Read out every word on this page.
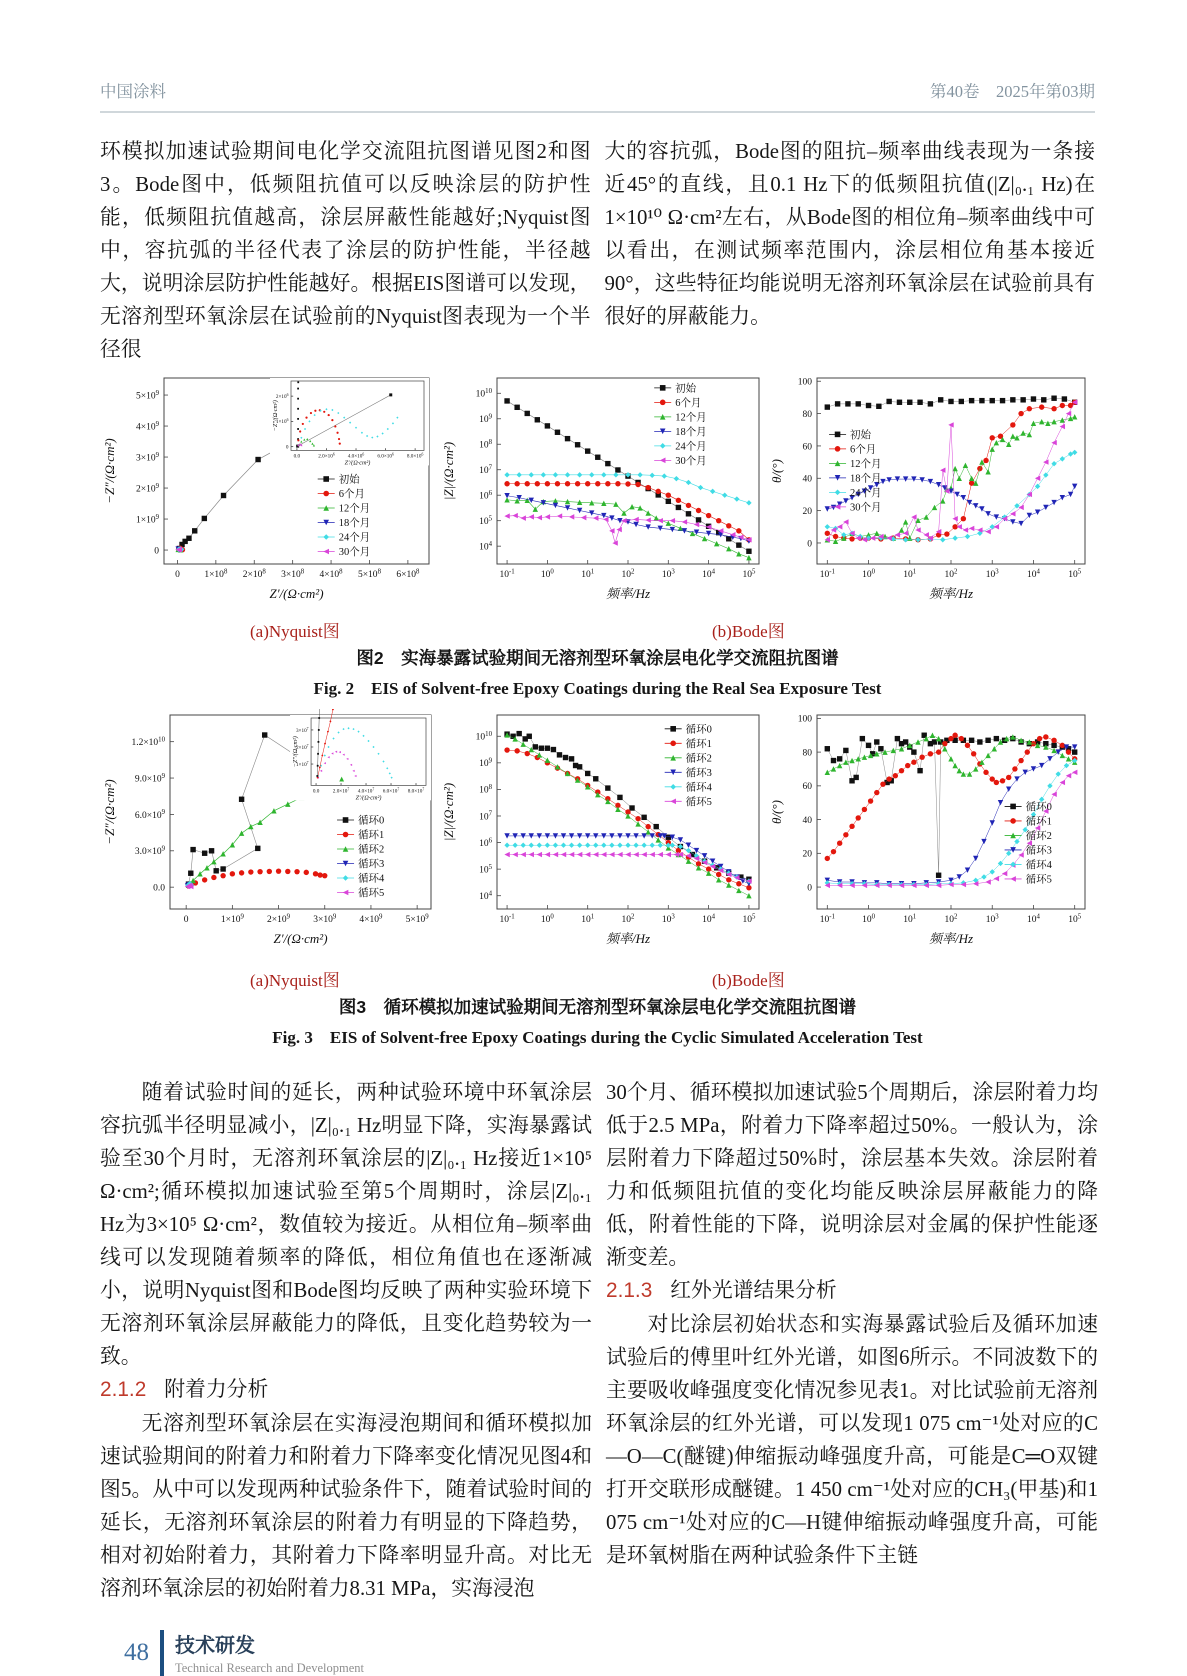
中国涂料	第40卷　2025年第03期

环模拟加速试验期间电化学交流阻抗图谱见图2和图3。Bode图中，低频阻抗值可以反映涂层的防护性能，低频阻抗值越高，涂层屏蔽性能越好;Nyquist图中，容抗弧的半径代表了涂层的防护性能，半径越大，说明涂层防护性能越好。根据EIS图谱可以发现，无溶剂型环氧涂层在试验前的Nyquist图表现为一个半径很

大的容抗弧，Bode图的阻抗–频率曲线表现为一条接近45°的直线，且0.1 Hz下的低频阻抗值(|Z|₀.₁ Hz)在1×10¹⁰ Ω·cm²左右，从Bode图的相位角–频率曲线中可以看出，在测试频率范围内，涂层相位角基本接近90°，这些特征均能说明无溶剂环氧涂层在试验前具有很好的屏蔽能力。

0	$1\times 10^8$ $2\times 10^8$ $3\times 10^8$ $4\times 10^8$ $5\times 10^8$ $6\times 10^8$
0
$1\times 10^9$
$2\times 10^9$
$3\times 10^9$
$4\times 10^9$
$5\times 10^9$
Z′/(Ω·cm²)
−Z″/(Ω·cm²)	初始
6个月
12个月
18个月
24个月
30个月
0.0	$2.0\times 10^6$	$4.0\times 10^6$	$6.0\times 10^6$	$8.0\times 10^6$
0
$1\times 10^6$
$2\times 10^6$
Z′/(Ω·cm²)
−Z″/(Ω·cm²)
$10^{-1}$	$10^0$	$10^1$	$10^2$	$10^3$	$10^4$	$10^5$
$10^4$
$10^5$
$10^6$
$10^7$
$10^8$
$10^9$
$10^{10}$
频率/Hz
|Z|/(Ω·cm²)
初始
6个月
12个月
18个月
24个月
30个月
$10^{-1}$	$10^0$	$10^1$	$10^2$	$10^3$	$10^4$	$10^5$
0
20
40
60
80
100
频率/Hz
θ/(°)
初始
6个月
12个月
18个月
24个月
30个月
(a)Nyquist图	(b)Bode图
图2　实海暴露试验期间无溶剂型环氧涂层电化学交流阻抗图谱
Fig. 2　EIS of Solvent-free Epoxy Coatings during the Real Sea Exposure Test
0	$1\times 10^9$ $2\times 10^9$ $3\times 10^9$ $4\times 10^9$ $5\times 10^9$
0.0
$3.0\times 10^9$
$6.0\times 10^9$
$9.0\times 10^9$
$1.2\times 10^{10}$
Z′/(Ω·cm²)
−Z″/(Ω·cm²)	循环0
循环1
循环2
循环3
循环4
循环5
0.0	$2.0\times 10^7$ $4.0\times 10^7$ $6.0\times 10^7$ $8.0\times 10^7$
$1\times 10^7$
$2\times 10^7$
$3\times 10^7$
Z′/(Ω·cm²)
−Z″/(Ω·cm²)
$10^{-1}$	$10^0$	$10^1$	$10^2$	$10^3$	$10^4$	$10^5$
$10^4$
$10^5$
$10^6$
$10^7$
$10^8$
$10^9$
$10^{10}$
频率/Hz
|Z|/(Ω·cm²)
循环0
循环1
循环2
循环3
循环4
循环5
$10^{-1}$	$10^0$	$10^1$	$10^2$	$10^3$	$10^4$	$10^5$
0
20
40
60
80
100
频率/Hz
θ/(°)	循环0
循环1
循环2
循环3
循环4
循环5
(a)Nyquist图	(b)Bode图
图3　循环模拟加速试验期间无溶剂型环氧涂层电化学交流阻抗图谱
Fig. 3　EIS of Solvent-free Epoxy Coatings during the Cyclic Simulated Acceleration Test

随着试验时间的延长，两种试验环境中环氧涂层容抗弧半径明显减小，|Z|₀.₁ Hz明显下降，实海暴露试验至30个月时，无溶剂环氧涂层的|Z|₀.₁ Hz接近1×10⁵ Ω·cm²;循环模拟加速试验至第5个周期时，涂层|Z|₀.₁ Hz为3×10⁵ Ω·cm²，数值较为接近。从相位角–频率曲线可以发现随着频率的降低，相位角值也在逐渐减小，说明Nyquist图和Bode图均反映了两种实验环境下无溶剂环氧涂层屏蔽能力的降低，且变化趋势较为一致。

2.1.2 附着力分析

无溶剂型环氧涂层在实海浸泡期间和循环模拟加速试验期间的附着力和附着力下降率变化情况见图4和图5。从中可以发现两种试验条件下，随着试验时间的延长，无溶剂环氧涂层的附着力有明显的下降趋势，相对初始附着力，其附着力下降率明显升高。对比无溶剂环氧涂层的初始附着力8.31 MPa，实海浸泡

30个月、循环模拟加速试验5个周期后，涂层附着力均低于2.5 MPa，附着力下降率超过50%。一般认为，涂层附着力下降超过50%时，涂层基本失效。涂层附着力和低频阻抗值的变化均能反映涂层屏蔽能力的降低，附着性能的下降，说明涂层对金属的保护性能逐渐变差。

2.1.3 红外光谱结果分析

对比涂层初始状态和实海暴露试验后及循环加速试验后的傅里叶红外光谱，如图6所示。不同波数下的主要吸收峰强度变化情况参见表1。对比试验前无溶剂环氧涂层的红外光谱，可以发现1 075 cm⁻¹处对应的C—O—C(醚键)伸缩振动峰强度升高，可能是C═O双键打开交联形成醚键。1 450 cm⁻¹处对应的CH₃(甲基)和1 075 cm⁻¹处对应的C—H键伸缩振动峰强度升高，可能是环氧树脂在两种试验条件下主链

48 技术研发
Technical Research and Development
